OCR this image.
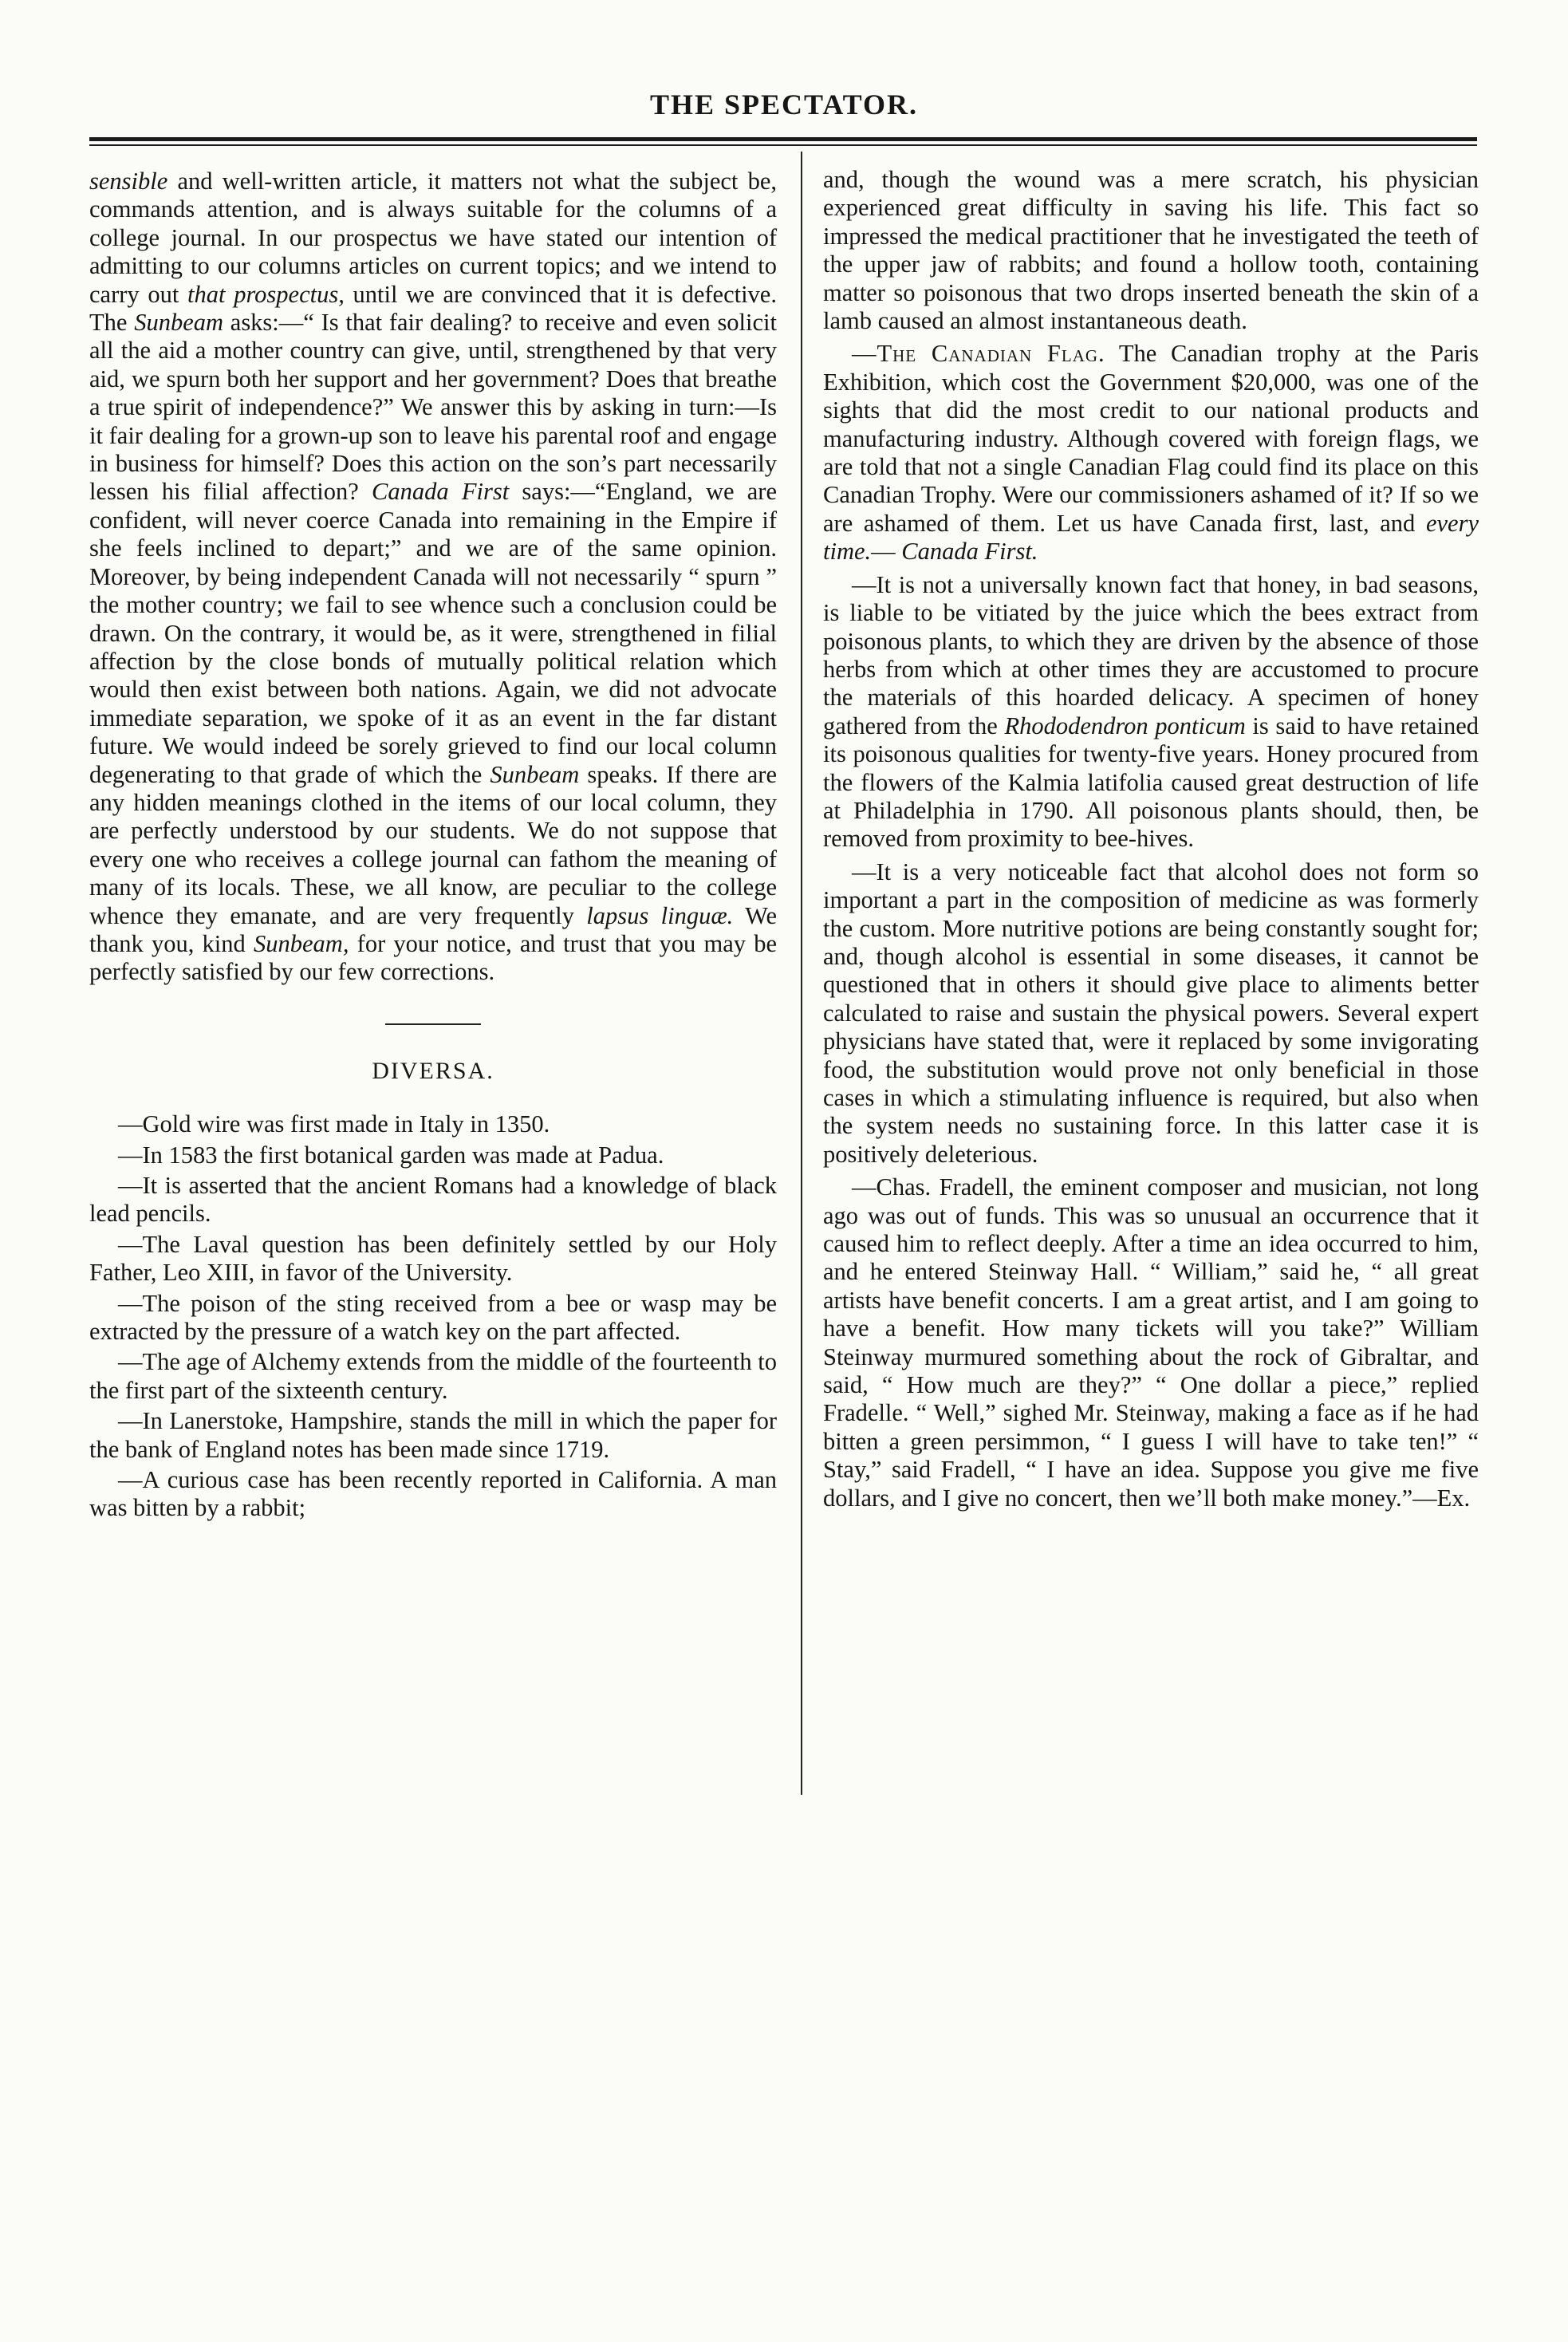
THE SPECTATOR.

sensible and well-written article, it matters not what the subject be, commands attention, and is always suitable for the columns of a college journal. In our prospectus we have stated our intention of admitting to our columns articles on current topics; and we intend to carry out that prospectus, until we are convinced that it is defective. The Sunbeam asks:—“ Is that fair dealing? to receive and even solicit all the aid a mother country can give, until, strengthened by that very aid, we spurn both her support and her government? Does that breathe a true spirit of independence?” We answer this by asking in turn:—Is it fair dealing for a grown-up son to leave his parental roof and engage in business for himself? Does this action on the son’s part necessarily lessen his filial affection? Canada First says:—“England, we are confident, will never coerce Canada into remaining in the Empire if she feels inclined to depart;” and we are of the same opinion. Moreover, by being independent Canada will not necessarily “ spurn ” the mother country; we fail to see whence such a conclusion could be drawn. On the contrary, it would be, as it were, strengthened in filial affection by the close bonds of mutually political relation which would then exist between both nations. Again, we did not advocate immediate separation, we spoke of it as an event in the far distant future. We would indeed be sorely grieved to find our local column degenerating to that grade of which the Sunbeam speaks. If there are any hidden meanings clothed in the items of our local column, they are perfectly understood by our students. We do not suppose that every one who receives a college journal can fathom the meaning of many of its locals. These, we all know, are peculiar to the college whence they emanate, and are very frequently lapsus linguæ. We thank you, kind Sunbeam, for your notice, and trust that you may be perfectly satisfied by our few corrections.

DIVERSA.

—Gold wire was first made in Italy in 1350.

—In 1583 the first botanical garden was made at Padua.

—It is asserted that the ancient Romans had a knowledge of black lead pencils.

—The Laval question has been definitely settled by our Holy Father, Leo XIII, in favor of the University.

—The poison of the sting received from a bee or wasp may be extracted by the pressure of a watch key on the part affected.

—The age of Alchemy extends from the middle of the fourteenth to the first part of the sixteenth century.

—In Lanerstoke, Hampshire, stands the mill in which the paper for the bank of England notes has been made since 1719.

—A curious case has been recently reported in California. A man was bitten by a rabbit;

and, though the wound was a mere scratch, his physician experienced great difficulty in saving his life. This fact so impressed the medical practitioner that he investigated the teeth of the upper jaw of rabbits; and found a hollow tooth, containing matter so poisonous that two drops inserted beneath the skin of a lamb caused an almost instantaneous death.

—The Canadian Flag. The Canadian trophy at the Paris Exhibition, which cost the Government $20,000, was one of the sights that did the most credit to our national products and manufacturing industry. Although covered with foreign flags, we are told that not a single Canadian Flag could find its place on this Canadian Trophy. Were our commissioners ashamed of it? If so we are ashamed of them. Let us have Canada first, last, and every time.— Canada First.

—It is not a universally known fact that honey, in bad seasons, is liable to be vitiated by the juice which the bees extract from poisonous plants, to which they are driven by the absence of those herbs from which at other times they are accustomed to procure the materials of this hoarded delicacy. A specimen of honey gathered from the Rhododendron ponticum is said to have retained its poisonous qualities for twenty-five years. Honey procured from the flowers of the Kalmia latifolia caused great destruction of life at Philadelphia in 1790. All poisonous plants should, then, be removed from proximity to bee-hives.

—It is a very noticeable fact that alcohol does not form so important a part in the composition of medicine as was formerly the custom. More nutritive potions are being constantly sought for; and, though alcohol is essential in some diseases, it cannot be questioned that in others it should give place to aliments better calculated to raise and sustain the physical powers. Several expert physicians have stated that, were it replaced by some invigorating food, the substitution would prove not only beneficial in those cases in which a stimulating influence is required, but also when the system needs no sustaining force. In this latter case it is positively deleterious.

—Chas. Fradell, the eminent composer and musician, not long ago was out of funds. This was so unusual an occurrence that it caused him to reflect deeply. After a time an idea occurred to him, and he entered Steinway Hall. “ William,” said he, “ all great artists have benefit concerts. I am a great artist, and I am going to have a benefit. How many tickets will you take?” William Steinway murmured something about the rock of Gibraltar, and said, “ How much are they?” “ One dollar a piece,” replied Fradelle. “ Well,” sighed Mr. Steinway, making a face as if he had bitten a green persimmon, “ I guess I will have to take ten!” “ Stay,” said Fradell, “ I have an idea. Suppose you give me five dollars, and I give no concert, then we’ll both make money.”—Ex.
